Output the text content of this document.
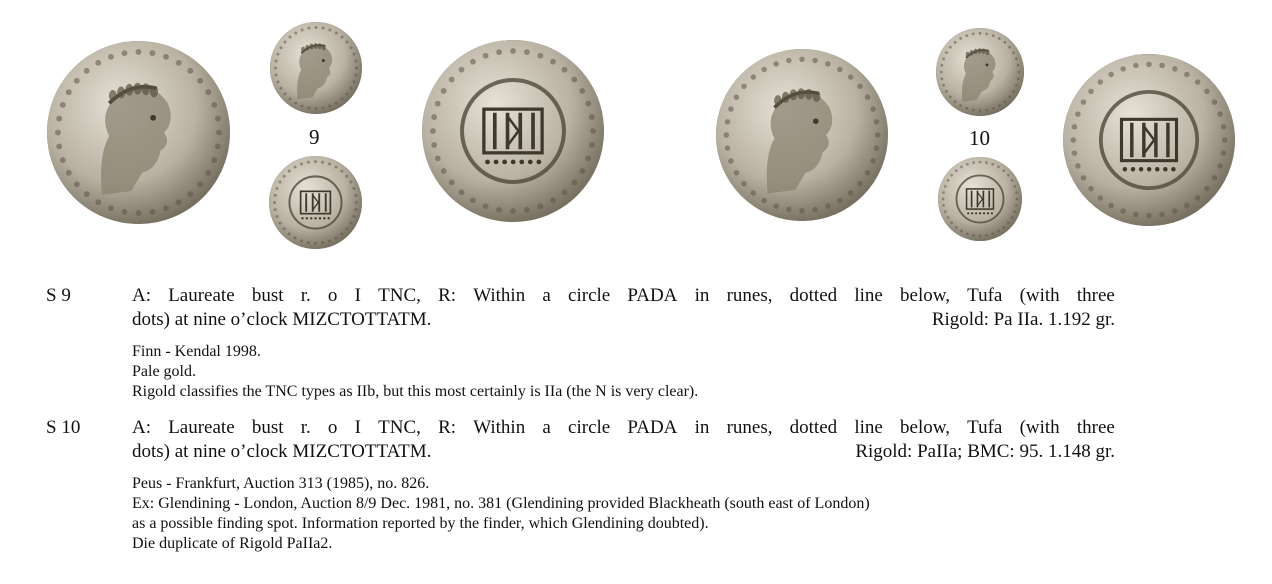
9	10
S 9	A: Laureate bust r. o I TNC, R: Within a circle PADA in runes, dotted line below, Tufa (with three
dots) at nine o’clock MIZCTOTTATM.	Rigold: Pa IIa. 1.192 gr.
Finn - Kendal 1998.
Pale gold.
Rigold classifies the TNC types as IIb, but this most certainly is IIa (the N is very clear).
S 10	A: Laureate bust r. o I TNC, R: Within a circle PADA in runes, dotted line below, Tufa (with three
dots) at nine o’clock MIZCTOTTATM.	Rigold: PaIIa; BMC: 95. 1.148 gr.
Peus - Frankfurt, Auction 313 (1985), no. 826.
Ex: Glendining - London, Auction 8/9 Dec. 1981, no. 381 (Glendining provided Blackheath (south east of London)
as a possible finding spot. Information reported by the finder, which Glendining doubted).
Die duplicate of Rigold PaIIa2.
